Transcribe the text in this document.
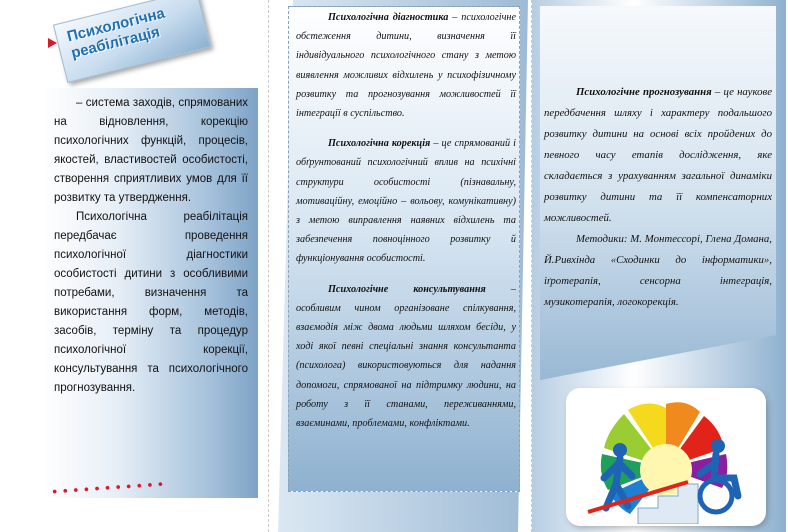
Психологічна реабілітація

– система заходів, спрямованих на відновлення, корекцію психологічних функцій, процесів, якостей, властивостей особистості, створення сприятливих умов для її розвитку та утвердження.

Психологічна реабілітація передбачає проведення психологічної діагностики особистості дитини з особливими потребами, визначення та використання форм, методів, засобів, терміну та процедур психологічної корекції, консультування та психологічного прогнозування.

•••••••••••

Психологічна діагностика – психологічне обстеження дитини, визначення її індивідуального психологічного стану з метою виявлення можливих відхилень у психофізичному розвитку та прогнозування можливостей її інтеграції в суспільство.

Психологічна корекція – це спрямований і обґрунтований психологічний вплив на психічні структури особистості (пізнавальну, мотиваційну, емоційно – вольову, комунікативну) з метою виправлення наявних відхилень та забезпечення повноцінного розвитку й функціонування особистості.

Психологічне консультування – особливим чином організоване спілкування, взаємодія між двома людьми шляхом бесіди, у ході якої певні спеціальні знання консультанта (психолога) використовуються для надання допомоги, спрямованої на підтримку людини, на роботу з її станами, переживаннями, взаєминами, проблемами, конфліктами.

Психологічне прогнозування – це наукове передбачення шляху і характеру подальшого розвитку дитини на основі всіх пройдених до певного часу етапів дослідження, яке складається з урахуванням загальної динаміки розвитку дитини та її компенсаторних можливостей.

Методики: М. Монтессорі, Глена Домана, Й.Ривхінда «Сходинки до інформатики», іґротерапія, сенсорна інтеграція, музикотерапія, логокорекція.
